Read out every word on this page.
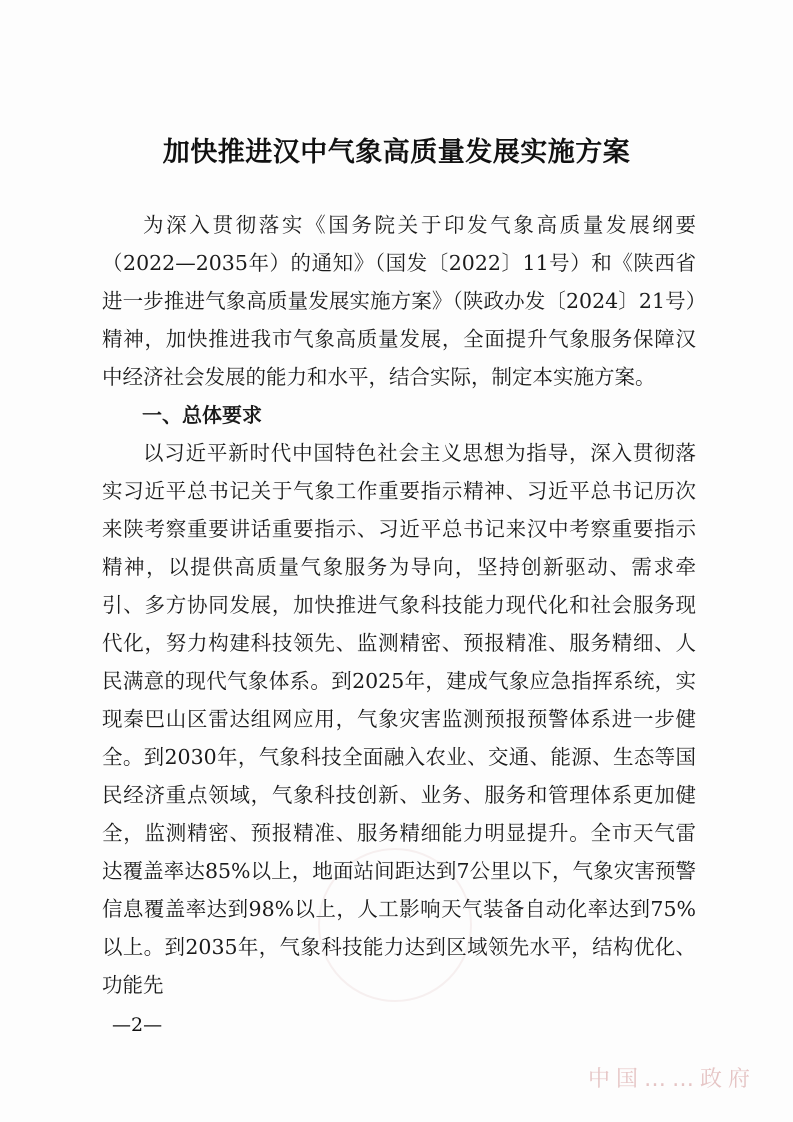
加快推进汉中气象高质量发展实施方案

为深入贯彻落实《国务院关于印发气象高质量发展纲要（2022—2035年）的通知》（国发〔2022〕11号）和《陕西省进一步推进气象高质量发展实施方案》（陕政办发〔2024〕21号）精神，加快推进我市气象高质量发展，全面提升气象服务保障汉中经济社会发展的能力和水平，结合实际，制定本实施方案。

一、总体要求

以习近平新时代中国特色社会主义思想为指导，深入贯彻落实习近平总书记关于气象工作重要指示精神、习近平总书记历次来陕考察重要讲话重要指示、习近平总书记来汉中考察重要指示精神，以提供高质量气象服务为导向，坚持创新驱动、需求牵引、多方协同发展，加快推进气象科技能力现代化和社会服务现代化，努力构建科技领先、监测精密、预报精准、服务精细、人民满意的现代气象体系。到2025年，建成气象应急指挥系统，实现秦巴山区雷达组网应用，气象灾害监测预报预警体系进一步健全。到2030年，气象科技全面融入农业、交通、能源、生态等国民经济重点领域，气象科技创新、业务、服务和管理体系更加健全，监测精密、预报精准、服务精细能力明显提升。全市天气雷达覆盖率达85%以上，地面站间距达到7公里以下，气象灾害预警信息覆盖率达到98%以上，人工影响天气装备自动化率达到75%以上。到2035年，气象科技能力达到区域领先水平，结构优化、功能先

—2—
中国……政府
